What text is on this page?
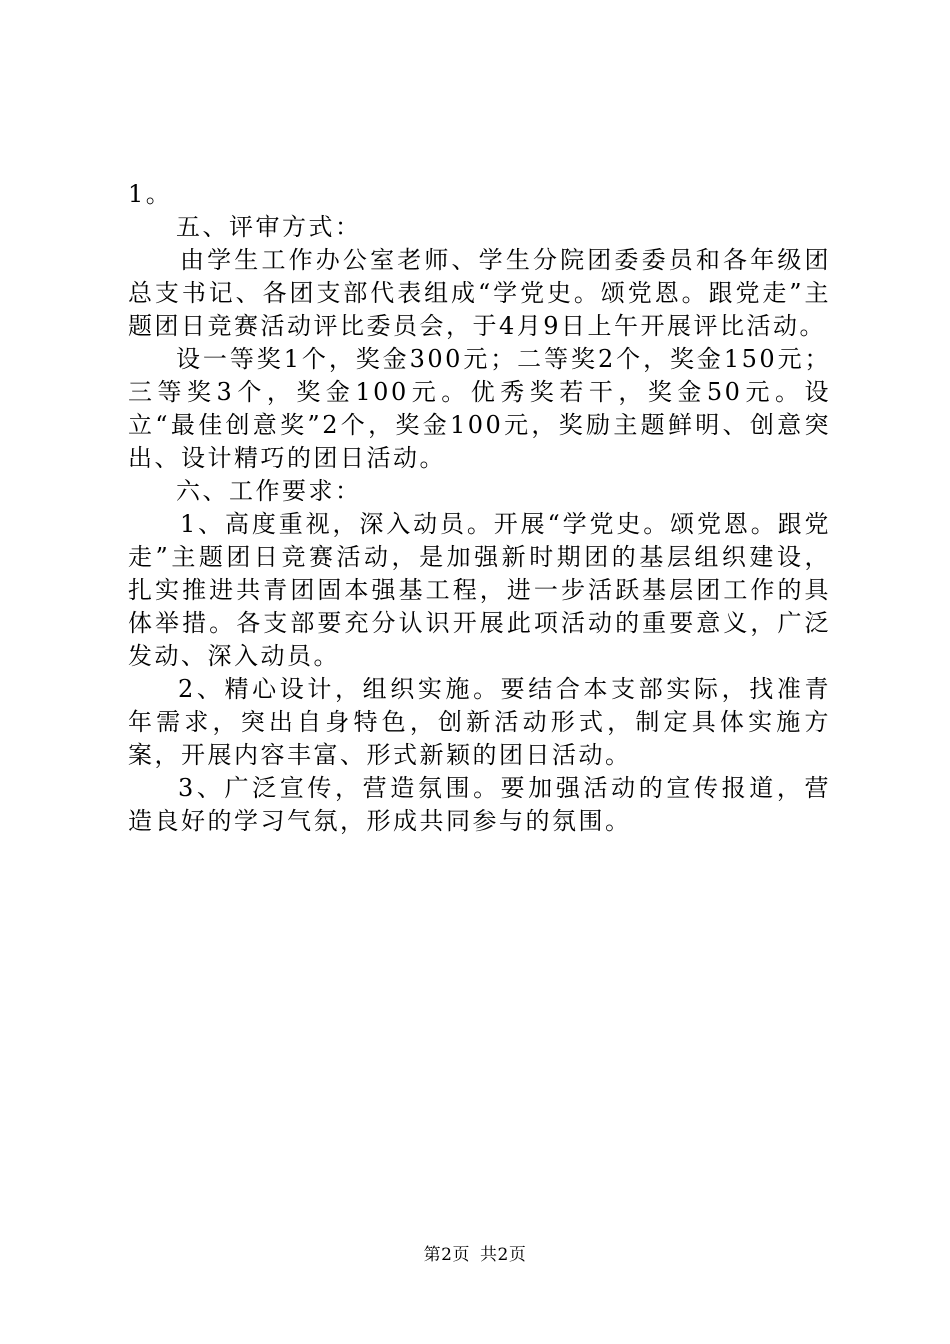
1。

五、评审方式：

由学生工作办公室老师、学生分院团委委员和各年级团总支书记、各团支部代表组成“学党史。颂党恩。跟党走”主题团日竞赛活动评比委员会，于4月9日上午开展评比活动。

设一等奖1个，奖金300元；二等奖2个，奖金150元；三等奖3个，奖金100元。优秀奖若干，奖金50元。设立“最佳创意奖”2个，奖金100元，奖励主题鲜明、创意突出、设计精巧的团日活动。

六、工作要求：

1、高度重视，深入动员。开展“学党史。颂党恩。跟党走”主题团日竞赛活动，是加强新时期团的基层组织建设，扎实推进共青团固本强基工程，进一步活跃基层团工作的具体举措。各支部要充分认识开展此项活动的重要意义，广泛发动、深入动员。

2、精心设计，组织实施。要结合本支部实际，找准青年需求，突出自身特色，创新活动形式，制定具体实施方案，开展内容丰富、形式新颖的团日活动。

3、广泛宣传，营造氛围。要加强活动的宣传报道，营造良好的学习气氛，形成共同参与的氛围。

第2页 共2页
